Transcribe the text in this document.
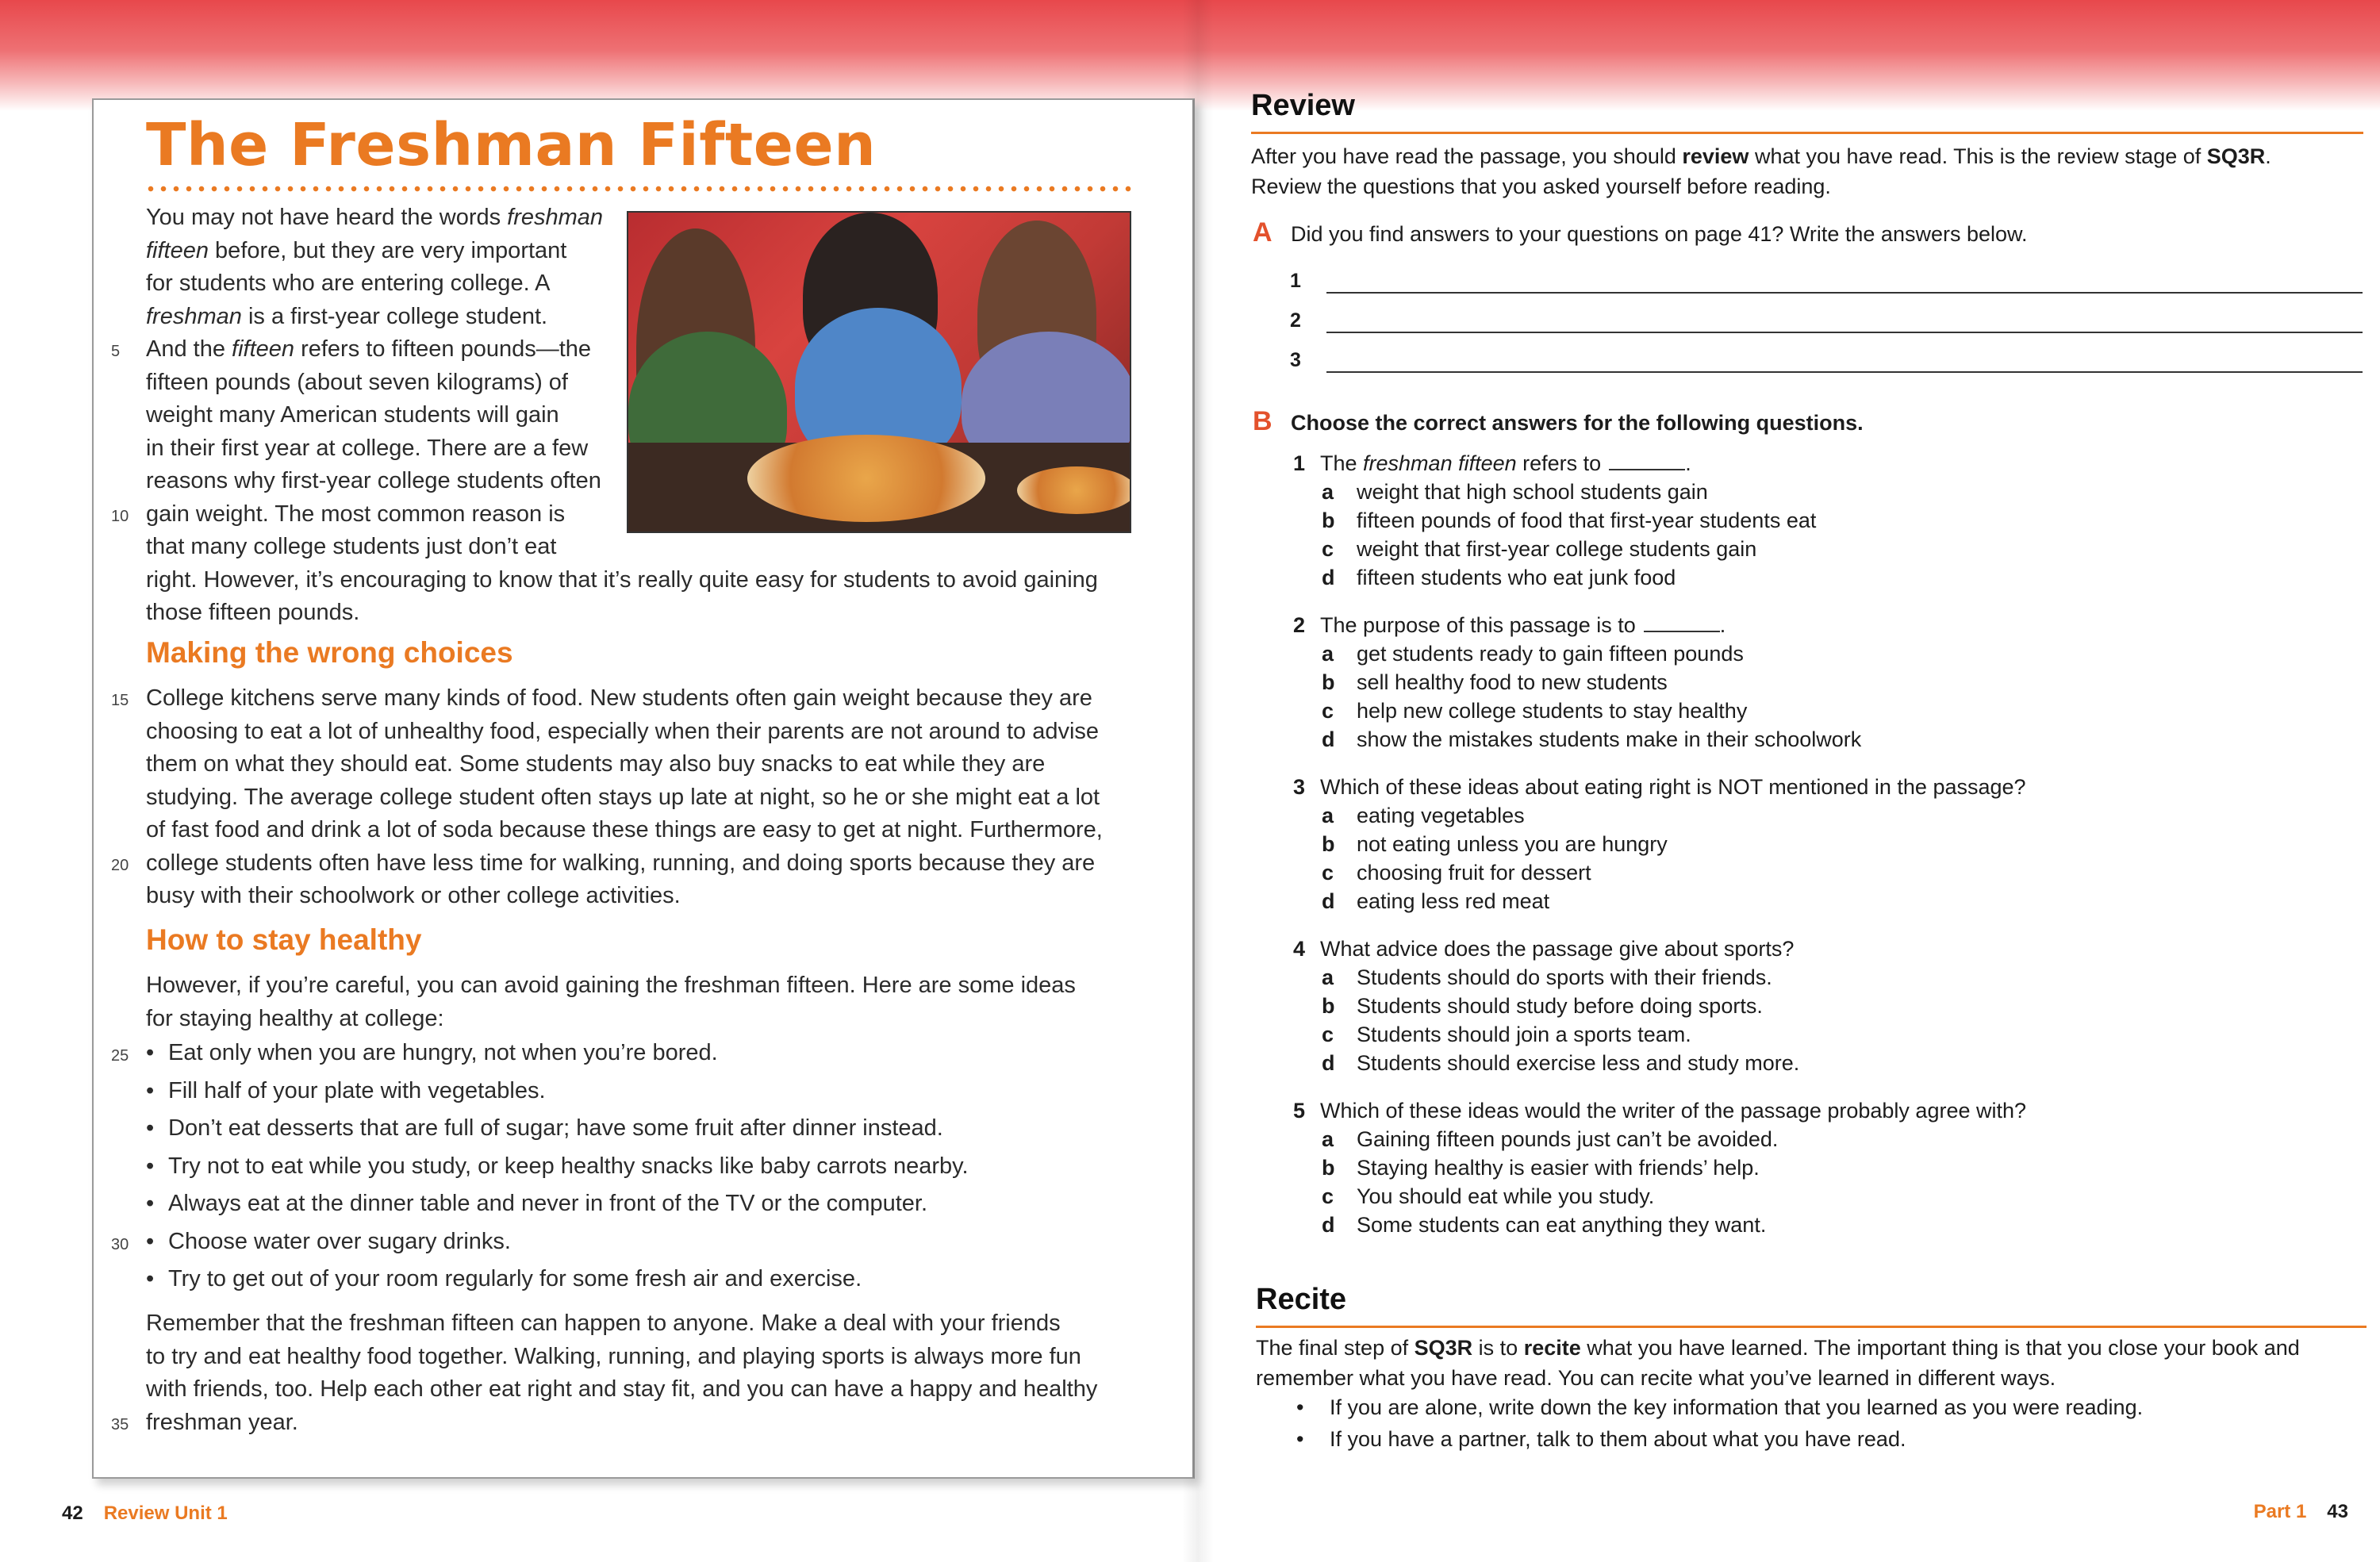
The Freshman Fifteen
You may not have heard the words freshman
fifteen before, but they are very important
for students who are entering college. A
freshman is a first-year college student.
And the fifteen refers to fifteen pounds—the
5
fifteen pounds (about seven kilograms) of
weight many American students will gain
in their first year at college. There are a few
reasons why first-year college students often
gain weight. The most common reason is
10
that many college students just don’t eat
right. However, it’s encouraging to know that it’s really quite easy for students to avoid gaining
those fifteen pounds.
Making the wrong choices
College kitchens serve many kinds of food. New students often gain weight because they are
15
choosing to eat a lot of unhealthy food, especially when their parents are not around to advise
them on what they should eat. Some students may also buy snacks to eat while they are
studying. The average college student often stays up late at night, so he or she might eat a lot
of fast food and drink a lot of soda because these things are easy to get at night. Furthermore,
college students often have less time for walking, running, and doing sports because they are
20
busy with their schoolwork or other college activities.
How to stay healthy
However, if you’re careful, you can avoid gaining the freshman fifteen. Here are some ideas
for staying healthy at college:
25
30
• Eat only when you are hungry, not when you’re bored.
• Fill half of your plate with vegetables.
• Don’t eat desserts that are full of sugar; have some fruit after dinner instead.
• Try not to eat while you study, or keep healthy snacks like baby carrots nearby.
• Always eat at the dinner table and never in front of the TV or the computer.
• Choose water over sugary drinks.
• Try to get out of your room regularly for some fresh air and exercise.
Remember that the freshman fifteen can happen to anyone. Make a deal with your friends
to try and eat healthy food together. Walking, running, and playing sports is always more fun
with friends, too. Help each other eat right and stay fit, and you can have a happy and healthy
freshman year.
35
42 Review Unit 1
Review
After you have read the passage, you should review what you have read. This is the review stage of SQ3R.
Review the questions that you asked yourself before reading.
A Did you find answers to your questions on page 41? Write the answers below.
1
2
3
B Choose the correct answers for the following questions.
1 The freshman fifteen refers to	.
a weight that high school students gain
b fifteen pounds of food that first-year students eat
c weight that first-year college students gain
d fifteen students who eat junk food
2 The purpose of this passage is to	.
a get students ready to gain fifteen pounds
b sell healthy food to new students
c help new college students to stay healthy
d show the mistakes students make in their schoolwork
3 Which of these ideas about eating right is NOT mentioned in the passage?
a eating vegetables
b not eating unless you are hungry
c choosing fruit for dessert
d eating less red meat
4 What advice does the passage give about sports?
a Students should do sports with their friends.
b Students should study before doing sports.
c Students should join a sports team.
d Students should exercise less and study more.
5 Which of these ideas would the writer of the passage probably agree with?
a Gaining fifteen pounds just can’t be avoided.
b Staying healthy is easier with friends’ help.
c You should eat while you study.
d Some students can eat anything they want.
Recite
The final step of SQ3R is to recite what you have learned. The important thing is that you close your book and
remember what you have read. You can recite what you’ve learned in different ways.
• If you are alone, write down the key information that you learned as you were reading.
• If you have a partner, talk to them about what you have read.
Part 1 43
